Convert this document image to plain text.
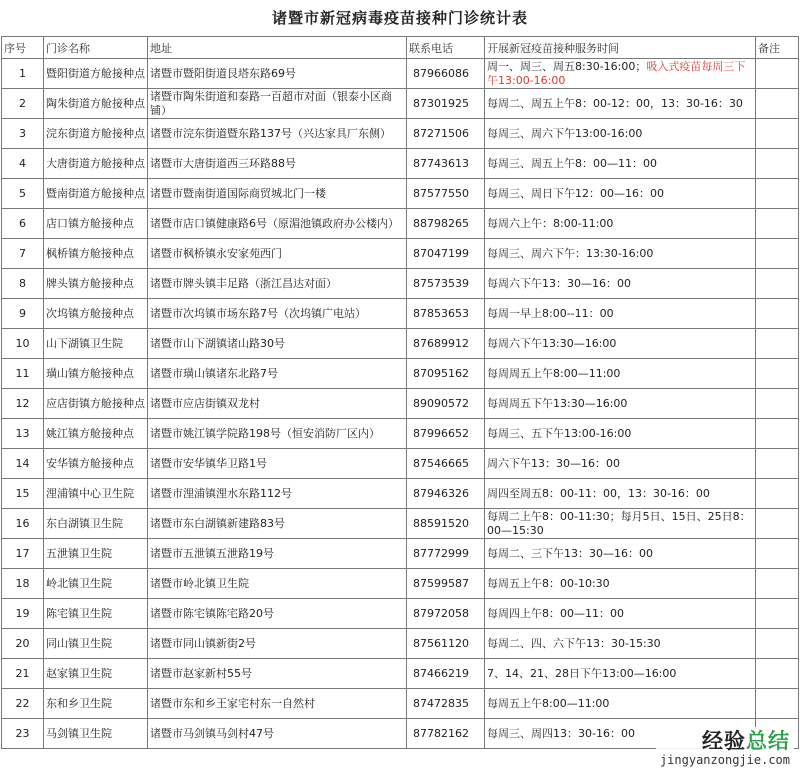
诸暨市新冠病毒疫苗接种门诊统计表
序号	门诊名称	地址	联系电话	开展新冠疫苗接种服务时间	备注
1	暨阳街道方舱接种点	诸暨市暨阳街道艮塔东路69号	87966086	周一、周三、周五8:30-16:00；吸入式疫苗每周三下午13:00-16:00	
2	陶朱街道方舱接种点	诸暨市陶朱街道和泰路一百超市对面（银泰小区商铺）	87301925	每周二、周五上午8：00-12：00，13：30-16：30	
3	浣东街道方舱接种点	诸暨市浣东街道暨东路137号（兴达家具厂东侧）	87271506	每周三、周六下午13:00-16:00	
4	大唐街道方舱接种点	诸暨市大唐街道西三环路88号	87743613	每周三、周五上午8：00—11：00	
5	暨南街道方舱接种点	诸暨市暨南街道国际商贸城北门一楼	87577550	每周三、周日下午12：00—16：00	
6	店口镇方舱接种点	诸暨市店口镇健康路6号（原湄池镇政府办公楼内）	88798265	每周六上午：8:00-11:00	
7	枫桥镇方舱接种点	诸暨市枫桥镇永安家苑西门	87047199	每周三、周六下午：13:30-16:00	
8	牌头镇方舱接种点	诸暨市牌头镇丰足路（浙江昌达对面）	87573539	每周六下午13：30—16：00	
9	次坞镇方舱接种点	诸暨市次坞镇市场东路7号（次坞镇广电站）	87853653	每周一早上8:00--11：00	
10	山下湖镇卫生院	诸暨市山下湖镇诸山路30号	87689912	每周六下午13:30—16:00	
11	璜山镇方舱接种点	诸暨市璜山镇诸东北路7号	87095162	每周周五上午8:00—11:00	
12	应店街镇方舱接种点	诸暨市应店街镇双龙村	89090572	每周周五下午13:30—16:00	
13	姚江镇方舱接种点	诸暨市姚江镇学院路198号（恒安消防厂区内）	87996652	每周三、五下午13:00-16:00	
14	安华镇方舱接种点	诸暨市安华镇华卫路1号	87546665	周六下午13：30—16：00	
15	浬浦镇中心卫生院	诸暨市浬浦镇浬水东路112号	87946326	周四至周五8：00-11：00，13：30-16：00	
16	东白湖镇卫生院	诸暨市东白湖镇新建路83号	88591520	每周二上午8：00-11:30；每月5日、15日、25日8：00—15:30	
17	五泄镇卫生院	诸暨市五泄镇五泄路19号	87772999	每周二、三下午13：30—16：00	
18	岭北镇卫生院	诸暨市岭北镇卫生院	87599587	每周五上午8：00-10:30	
19	陈宅镇卫生院	诸暨市陈宅镇陈宅路20号	87972058	每周四上午8：00—11：00	
20	同山镇卫生院	诸暨市同山镇新街2号	87561120	每周二、四、六下午13：30-15:30	
21	赵家镇卫生院	诸暨市赵家新村55号	87466219	7、14、21、28日下午13:00—16:00	
22	东和乡卫生院	诸暨市东和乡王家宅村东一自然村	87472835	每周五上午8:00—11:00	
23	马剑镇卫生院	诸暨市马剑镇马剑村47号	87782162	每周三、周四13：30-16：00		经验总结
jingyanzongjie.com
